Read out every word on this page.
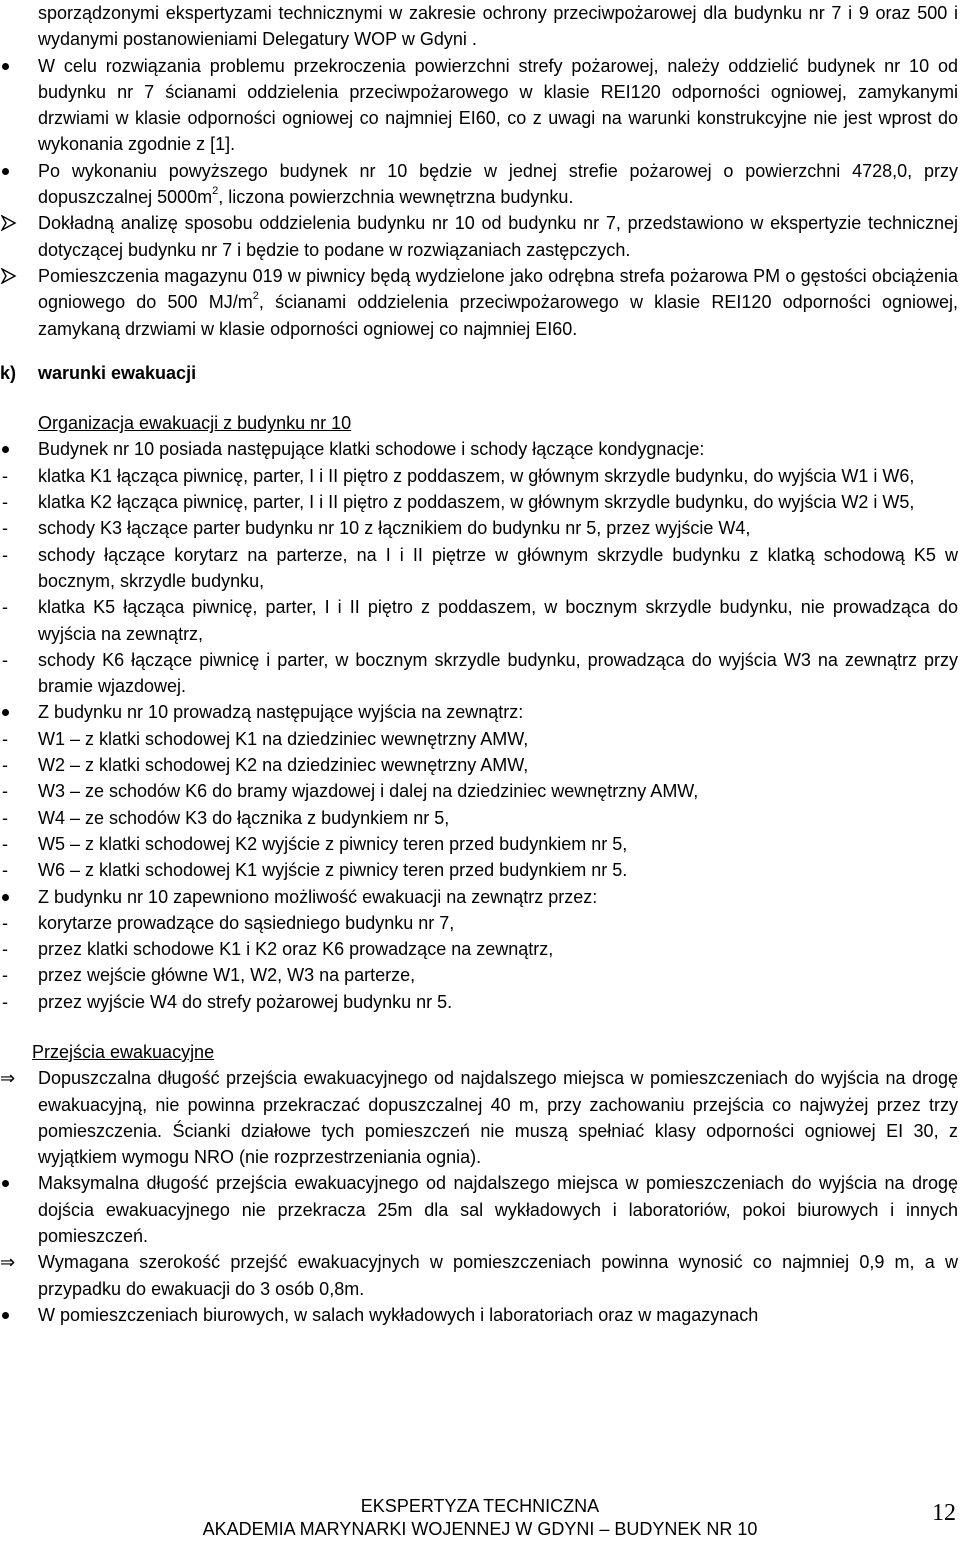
sporządzonymi ekspertyzami technicznymi w zakresie ochrony przeciwpożarowej dla budynku nr 7 i 9 oraz 500 i wydanymi postanowieniami Delegatury WOP w Gdyni .
W celu rozwiązania problemu przekroczenia powierzchni strefy pożarowej, należy oddzielić budynek nr 10 od budynku nr 7 ścianami oddzielenia przeciwpożarowego w klasie REI120 odporności ogniowej, zamykanymi drzwiami w klasie odporności ogniowej co najmniej EI60, co z uwagi na warunki konstrukcyjne nie jest wprost do wykonania zgodnie z [1].
Po wykonaniu powyższego budynek nr 10 będzie w jednej strefie pożarowej o powierzchni 4728,0, przy dopuszczalnej $5000m^2$, liczona powierzchnia wewnętrzna budynku.
Dokładną analizę sposobu oddzielenia budynku nr 10 od budynku nr 7, przedstawiono w ekspertyzie technicznej dotyczącej budynku nr 7 i będzie to podane w rozwiązaniach zastępczych.
Pomieszczenia magazynu 019 w piwnicy będą wydzielone jako odrębna strefa pożarowa PM o gęstości obciążenia ogniowego do 500 $MJ/m^2$, ścianami oddzielenia przeciwpożarowego w klasie REI120 odporności ogniowej, zamykaną drzwiami w klasie odporności ogniowej co najmniej EI60.
k)	warunki ewakuacji
Organizacja ewakuacji z budynku nr 10
Budynek nr 10 posiada następujące klatki schodowe i schody łączące kondygnacje:
- klatka K1 łącząca piwnicę, parter, I i II piętro z poddaszem, w głównym skrzydle budynku, do wyjścia W1 i W6,
- klatka K2 łącząca piwnicę, parter, I i II piętro z poddaszem, w głównym skrzydle budynku, do wyjścia W2 i W5,
- schody K3 łączące parter budynku nr 10 z łącznikiem do budynku nr 5, przez wyjście W4,
- schody łączące korytarz na parterze, na I i II piętrze w głównym skrzydle budynku z klatką schodową K5 w bocznym, skrzydle budynku,
- klatka K5 łącząca piwnicę, parter, I i II piętro z poddaszem, w bocznym skrzydle budynku, nie prowadząca do wyjścia na zewnątrz,
- schody K6 łączące piwnicę i parter, w bocznym skrzydle budynku, prowadząca do wyjścia W3 na zewnątrz przy bramie wjazdowej.
Z budynku nr 10 prowadzą następujące wyjścia na zewnątrz:
- W1 – z klatki schodowej K1 na dziedziniec wewnętrzny AMW,
- W2 – z klatki schodowej K2 na dziedziniec wewnętrzny AMW,
- W3 – ze schodów K6 do bramy wjazdowej i dalej na dziedziniec wewnętrzny AMW,
- W4 – ze schodów K3 do łącznika z budynkiem nr 5,
- W5 – z klatki schodowej K2 wyjście z piwnicy teren przed budynkiem nr 5,
- W6 – z klatki schodowej K1 wyjście z piwnicy teren przed budynkiem nr 5.
Z budynku nr 10 zapewniono możliwość ewakuacji na zewnątrz przez:
- korytarze prowadzące do sąsiedniego budynku nr 7,
- przez klatki schodowe K1 i K2 oraz K6 prowadzące na zewnątrz,
- przez wejście główne W1, W2, W3 na parterze,
- przez wyjście W4 do strefy pożarowej budynku nr 5.
Przejścia ewakuacyjne
⇒	Dopuszczalna długość przejścia ewakuacyjnego od najdalszego miejsca w pomieszczeniach do wyjścia na drogę ewakuacyjną, nie powinna przekraczać dopuszczalnej 40 m, przy zachowaniu przejścia co najwyżej przez trzy pomieszczenia. Ścianki działowe tych pomieszczeń nie muszą spełniać klasy odporności ogniowej EI 30, z wyjątkiem wymogu NRO (nie rozprzestrzeniania ognia).
Maksymalna długość przejścia ewakuacyjnego od najdalszego miejsca w pomieszczeniach do wyjścia na drogę dojścia ewakuacyjnego nie przekracza 25m dla sal wykładowych i laboratoriów, pokoi biurowych i innych pomieszczeń.
⇒	Wymagana szerokość przejść ewakuacyjnych w pomieszczeniach powinna wynosić co najmniej 0,9 m, a w przypadku do ewakuacji do 3 osób 0,8m.
W pomieszczeniach biurowych, w salach wykładowych i laboratoriach oraz w magazynach
EKSPERTYZA TECHNICZNA
AKADEMIA MARYNARKI WOJENNEJ W GDYNI – BUDYNEK NR 10
12
